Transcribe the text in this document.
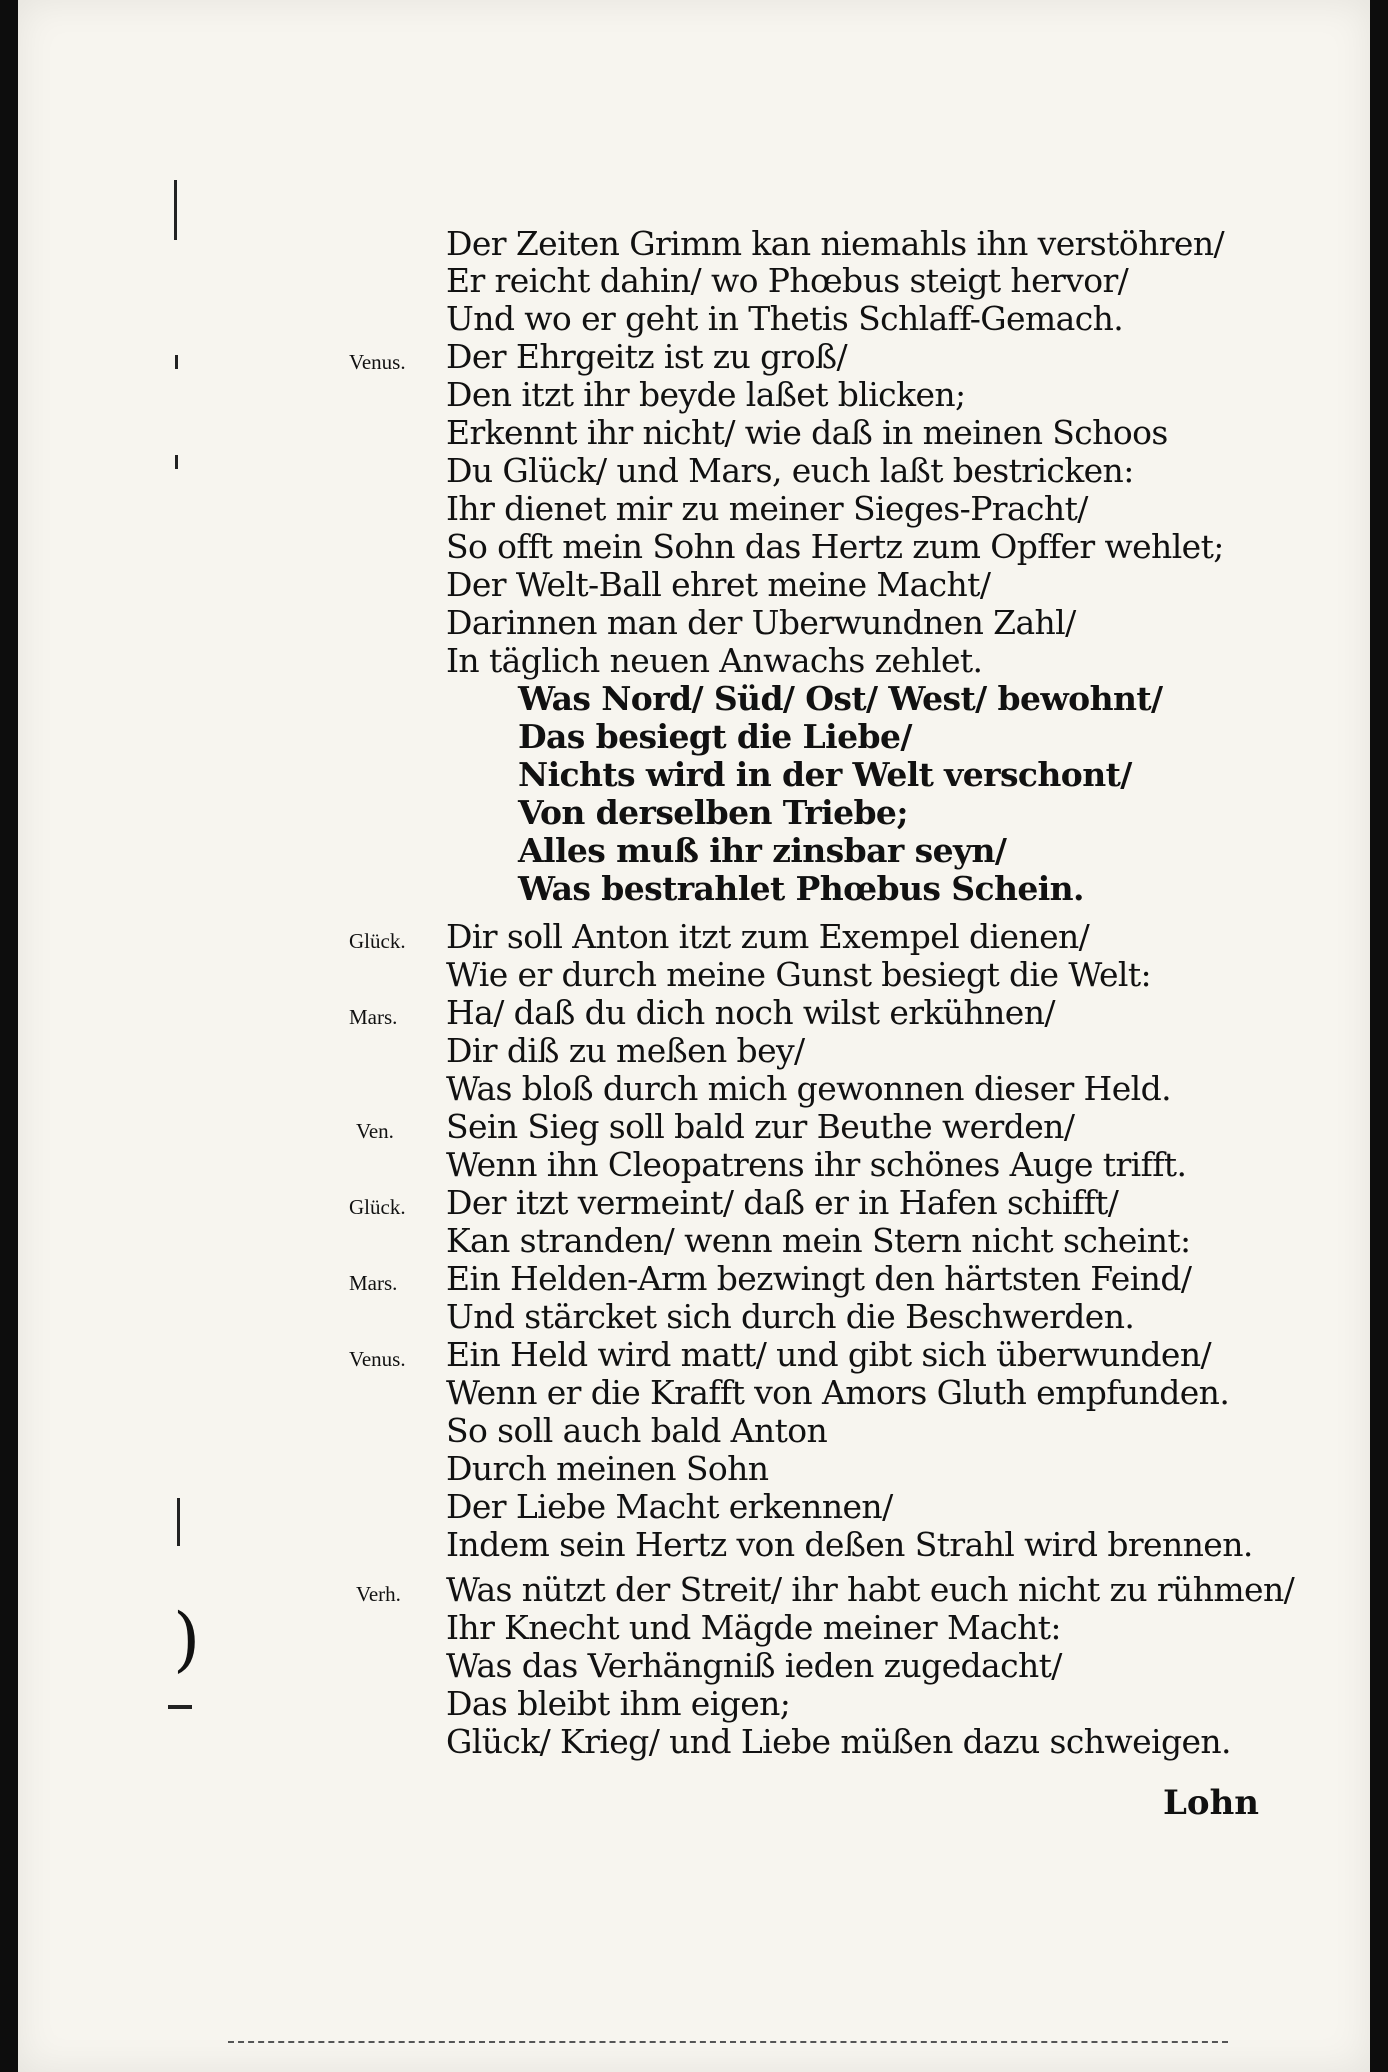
)
Venus.
Glück.
Mars.
Ven.
Glück.
Mars.
Venus.
Verh.
Der Zeiten Grimm kan niemahls ihn verstöhren/
Er reicht dahin/ wo Phœbus steigt hervor/
Und wo er geht in Thetis Schlaff-Gemach.
Der Ehrgeitz ist zu groß/
Den itzt ihr beyde laßet blicken;
Erkennt ihr nicht/ wie daß in meinen Schoos
Du Glück/ und Mars, euch laßt bestricken:
Ihr dienet mir zu meiner Sieges-Pracht/
So offt mein Sohn das Hertz zum Opffer wehlet;
Der Welt-Ball ehret meine Macht/
Darinnen man der Uberwundnen Zahl/
In täglich neuen Anwachs zehlet.
Was Nord/ Süd/ Ost/ West/ bewohnt/
Das besiegt die Liebe/
Nichts wird in der Welt verschont/
Von derselben Triebe;
Alles muß ihr zinsbar seyn/
Was bestrahlet Phœbus Schein.
Dir soll Anton itzt zum Exempel dienen/
Wie er durch meine Gunst besiegt die Welt:
Ha/ daß du dich noch wilst erkühnen/
Dir diß zu meßen bey/
Was bloß durch mich gewonnen dieser Held.
Sein Sieg soll bald zur Beuthe werden/
Wenn ihn Cleopatrens ihr schönes Auge trifft.
Der itzt vermeint/ daß er in Hafen schifft/
Kan stranden/ wenn mein Stern nicht scheint:
Ein Helden-Arm bezwingt den härtsten Feind/
Und stärcket sich durch die Beschwerden.
Ein Held wird matt/ und gibt sich überwunden/
Wenn er die Krafft von Amors Gluth empfunden.
So soll auch bald Anton
Durch meinen Sohn
Der Liebe Macht erkennen/
Indem sein Hertz von deßen Strahl wird brennen.
Was nützt der Streit/ ihr habt euch nicht zu rühmen/
Ihr Knecht und Mägde meiner Macht:
Was das Verhängniß ieden zugedacht/
Das bleibt ihm eigen;
Glück/ Krieg/ und Liebe müßen dazu schweigen.
Lohn
